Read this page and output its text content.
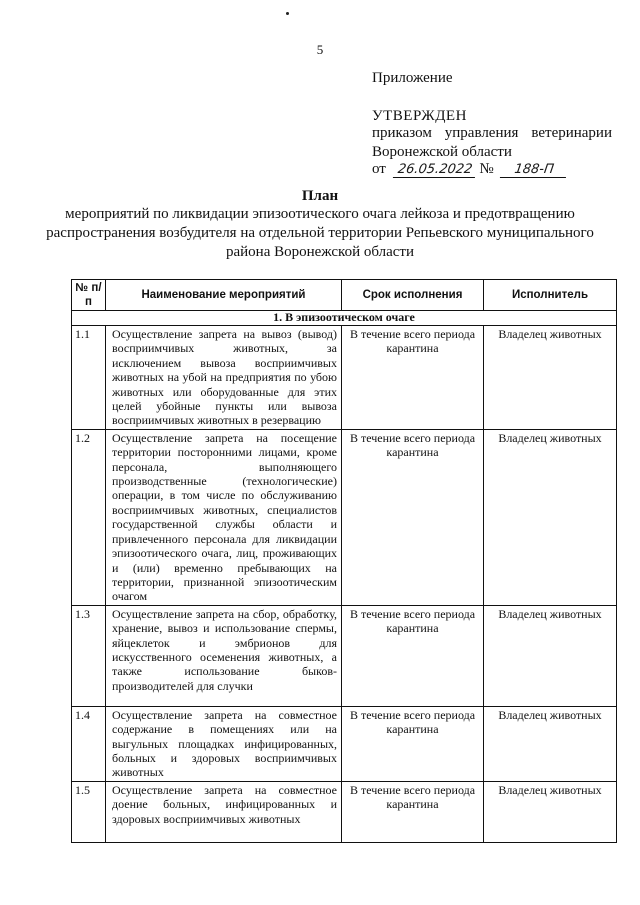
5
Приложение
УТВЕРЖДЕН
приказом управления ветеринарии
Воронежской области
от 26.05.2022 № 188-П
План
мероприятий по ликвидации эпизоотического очага лейкоза и предотвращению распространения возбудителя на отдельной территории Репьевского муниципального района Воронежской области
№ п/п	Наименование мероприятий	Срок исполнения	Исполнитель
1. В эпизоотическом очаге			
1.1	Осуществление запрета на вывоз (вывод) восприимчивых животных, за исключением вывоза восприимчивых животных на убой на предприятия по убою животных или оборудованные для этих целей убойные пункты или вывоза восприимчивых животных в резервацию	В течение всего периода карантина	Владелец животных
1.2	Осуществление запрета на посещение территории посторонними лицами, кроме персонала, выполняющего производственные (технологические) операции, в том числе по обслуживанию восприимчивых животных, специалистов государственной службы области и привлеченного персонала для ликвидации эпизоотического очага, лиц, проживающих и (или) временно пребывающих на территории, признанной эпизоотическим очагом	В течение всего периода карантина	Владелец животных
1.3	Осуществление запрета на сбор, обработку, хранение, вывоз и использование спермы, яйцеклеток и эмбрионов для искусственного осеменения животных, а также использование быков-производителей для случки	В течение всего периода карантина	Владелец животных
1.4	Осуществление запрета на совместное содержание в помещениях или на выгульных площадках инфицированных, больных и здоровых восприимчивых животных	В течение всего периода карантина	Владелец животных
1.5	Осуществление запрета на совместное доение больных, инфицированных и здоровых восприимчивых животных	В течение всего периода карантина	Владелец животных
